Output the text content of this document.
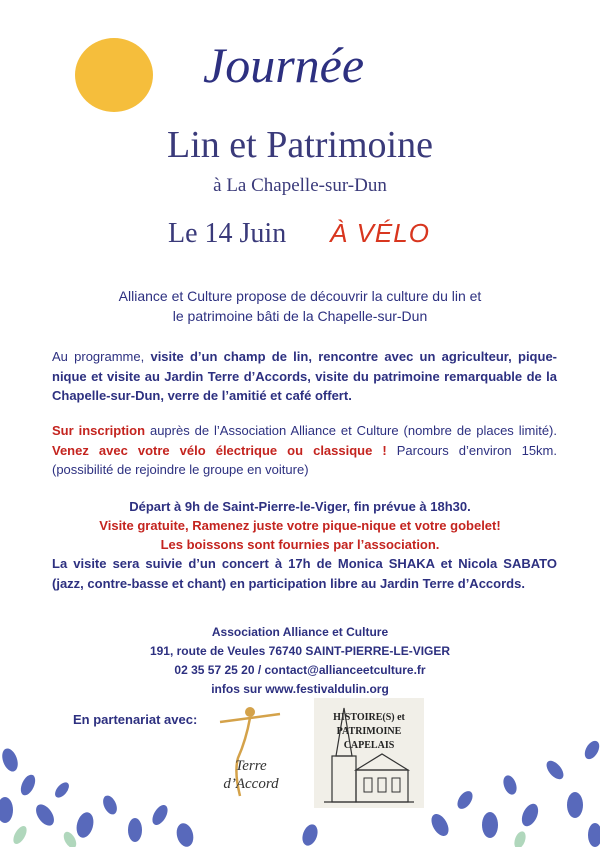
Journée
Lin et Patrimoine
à La Chapelle-sur-Dun
Le 14 Juin À VÉLO
Alliance et Culture propose de découvrir la culture du lin et
le patrimoine bâti de la Chapelle-sur-Dun
Au programme, visite d’un champ de lin, rencontre avec un agriculteur, pique-nique et visite au Jardin Terre d’Accords, visite du patrimoine remarquable de la Chapelle-sur-Dun, verre de l’amitié et café offert.
Sur inscription auprès de l’Association Alliance et Culture (nombre de places limité). Venez avec votre vélo électrique ou classique ! Parcours d’environ 15km. (possibilité de rejoindre le groupe en voiture)
Départ à 9h de Saint-Pierre-le-Viger, fin prévue à 18h30.
Visite gratuite, Ramenez juste votre pique-nique et votre gobelet!
Les boissons sont fournies par l’association.
La visite sera suivie d’un concert à 17h de Monica SHAKA et Nicola SABATO (jazz, contre-basse et chant) en participation libre au Jardin Terre d’Accords.
Association Alliance et Culture
191, route de Veules 76740 SAINT-PIERRE-LE-VIGER
02 35 57 25 20 / contact@allianceetculture.fr
infos sur www.festivaldulin.org
En partenariat avec:
Terre
d’Accord
HISTOIRE(S) et
PATRIMOINE
CAPELAIS
